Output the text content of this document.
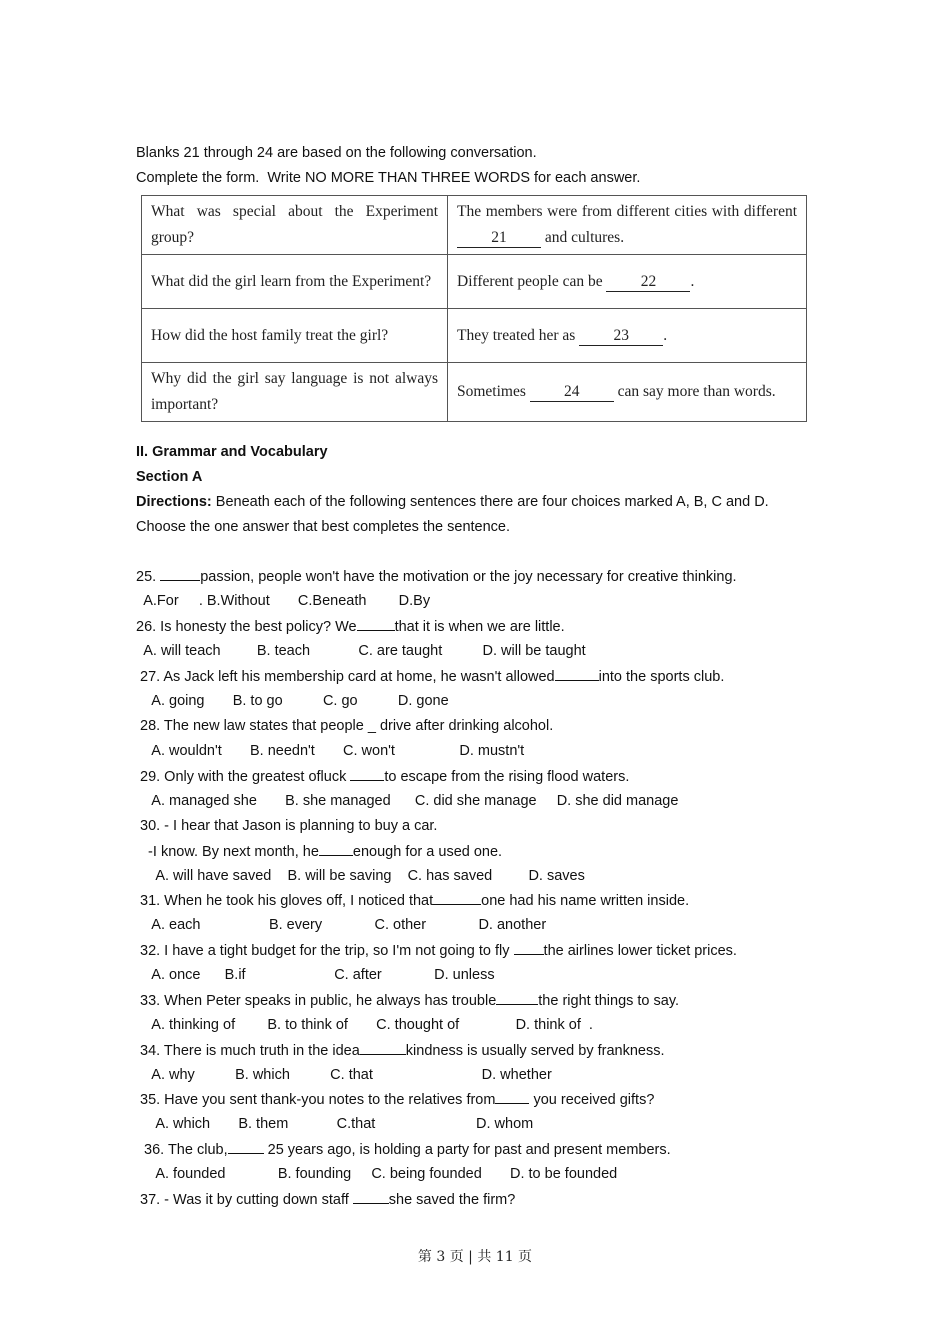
Blanks 21 through 24 are based on the following conversation.
Complete the form.  Write NO MORE THAN THREE WORDS for each answer.
What was special about the Experiment group?	The members were from different cities with different 21 and cultures.
What did the girl learn from the Experiment?	Different people can be 22 .
How did the host family treat the girl?	They treated her as 23 .
Why did the girl say language is not always important?	Sometimes 24 can say more than words.
II. Grammar and Vocabulary
Section A
Directions: Beneath each of the following sentences there are four choices marked A, B, C and D.
Choose the one answer that best completes the sentence.
25.	passion, people won't have the motivation or the joy necessary for creative thinking.
A.For     . B.Without       C.Beneath        D.By
26. Is honesty the best policy? We	that it is when we are little.
A. will teach         B. teach            C. are taught          D. will be taught
27. As Jack left his membership card at home, he wasn't allowed	into the sports club.
A. going       B. to go          C. go          D. gone
28. The new law states that people _ drive after drinking alcohol.
A. wouldn't       B. needn't       C. won't                D. mustn't
29. Only with the greatest ofluck to escape from the rising flood waters.
A. managed she       B. she managed      C. did she manage     D. she did manage
30. - I hear that Jason is planning to buy a car.
-I know. By next month, he enough for a used one.
A. will have saved    B. will be saving    C. has saved         D. saves
31. When he took his gloves off, I noticed that	one had his name written inside.
A. each                 B. every             C. other             D. another
32. I have a tight budget for the trip, so I'm not going to fly the airlines lower ticket prices.
A. once      B.if                      C. after             D. unless
33. When Peter speaks in public, he always has trouble	the right things to say.
A. thinking of        B. to think of       C. thought of              D. think of  .
34. There is much truth in the idea	kindness is usually served by frankness.
A. why          B. which          C. that                           D. whether
35. Have you sent thank-you notes to the relatives from you received gifts?
A. which       B. them            C.that                         D. whom
36. The club, 25 years ago, is holding a party for past and present members.
A. founded             B. founding     C. being founded       D. to be founded
37. - Was it by cutting down staff she saved the firm?
第 3 页 | 共 11 页
